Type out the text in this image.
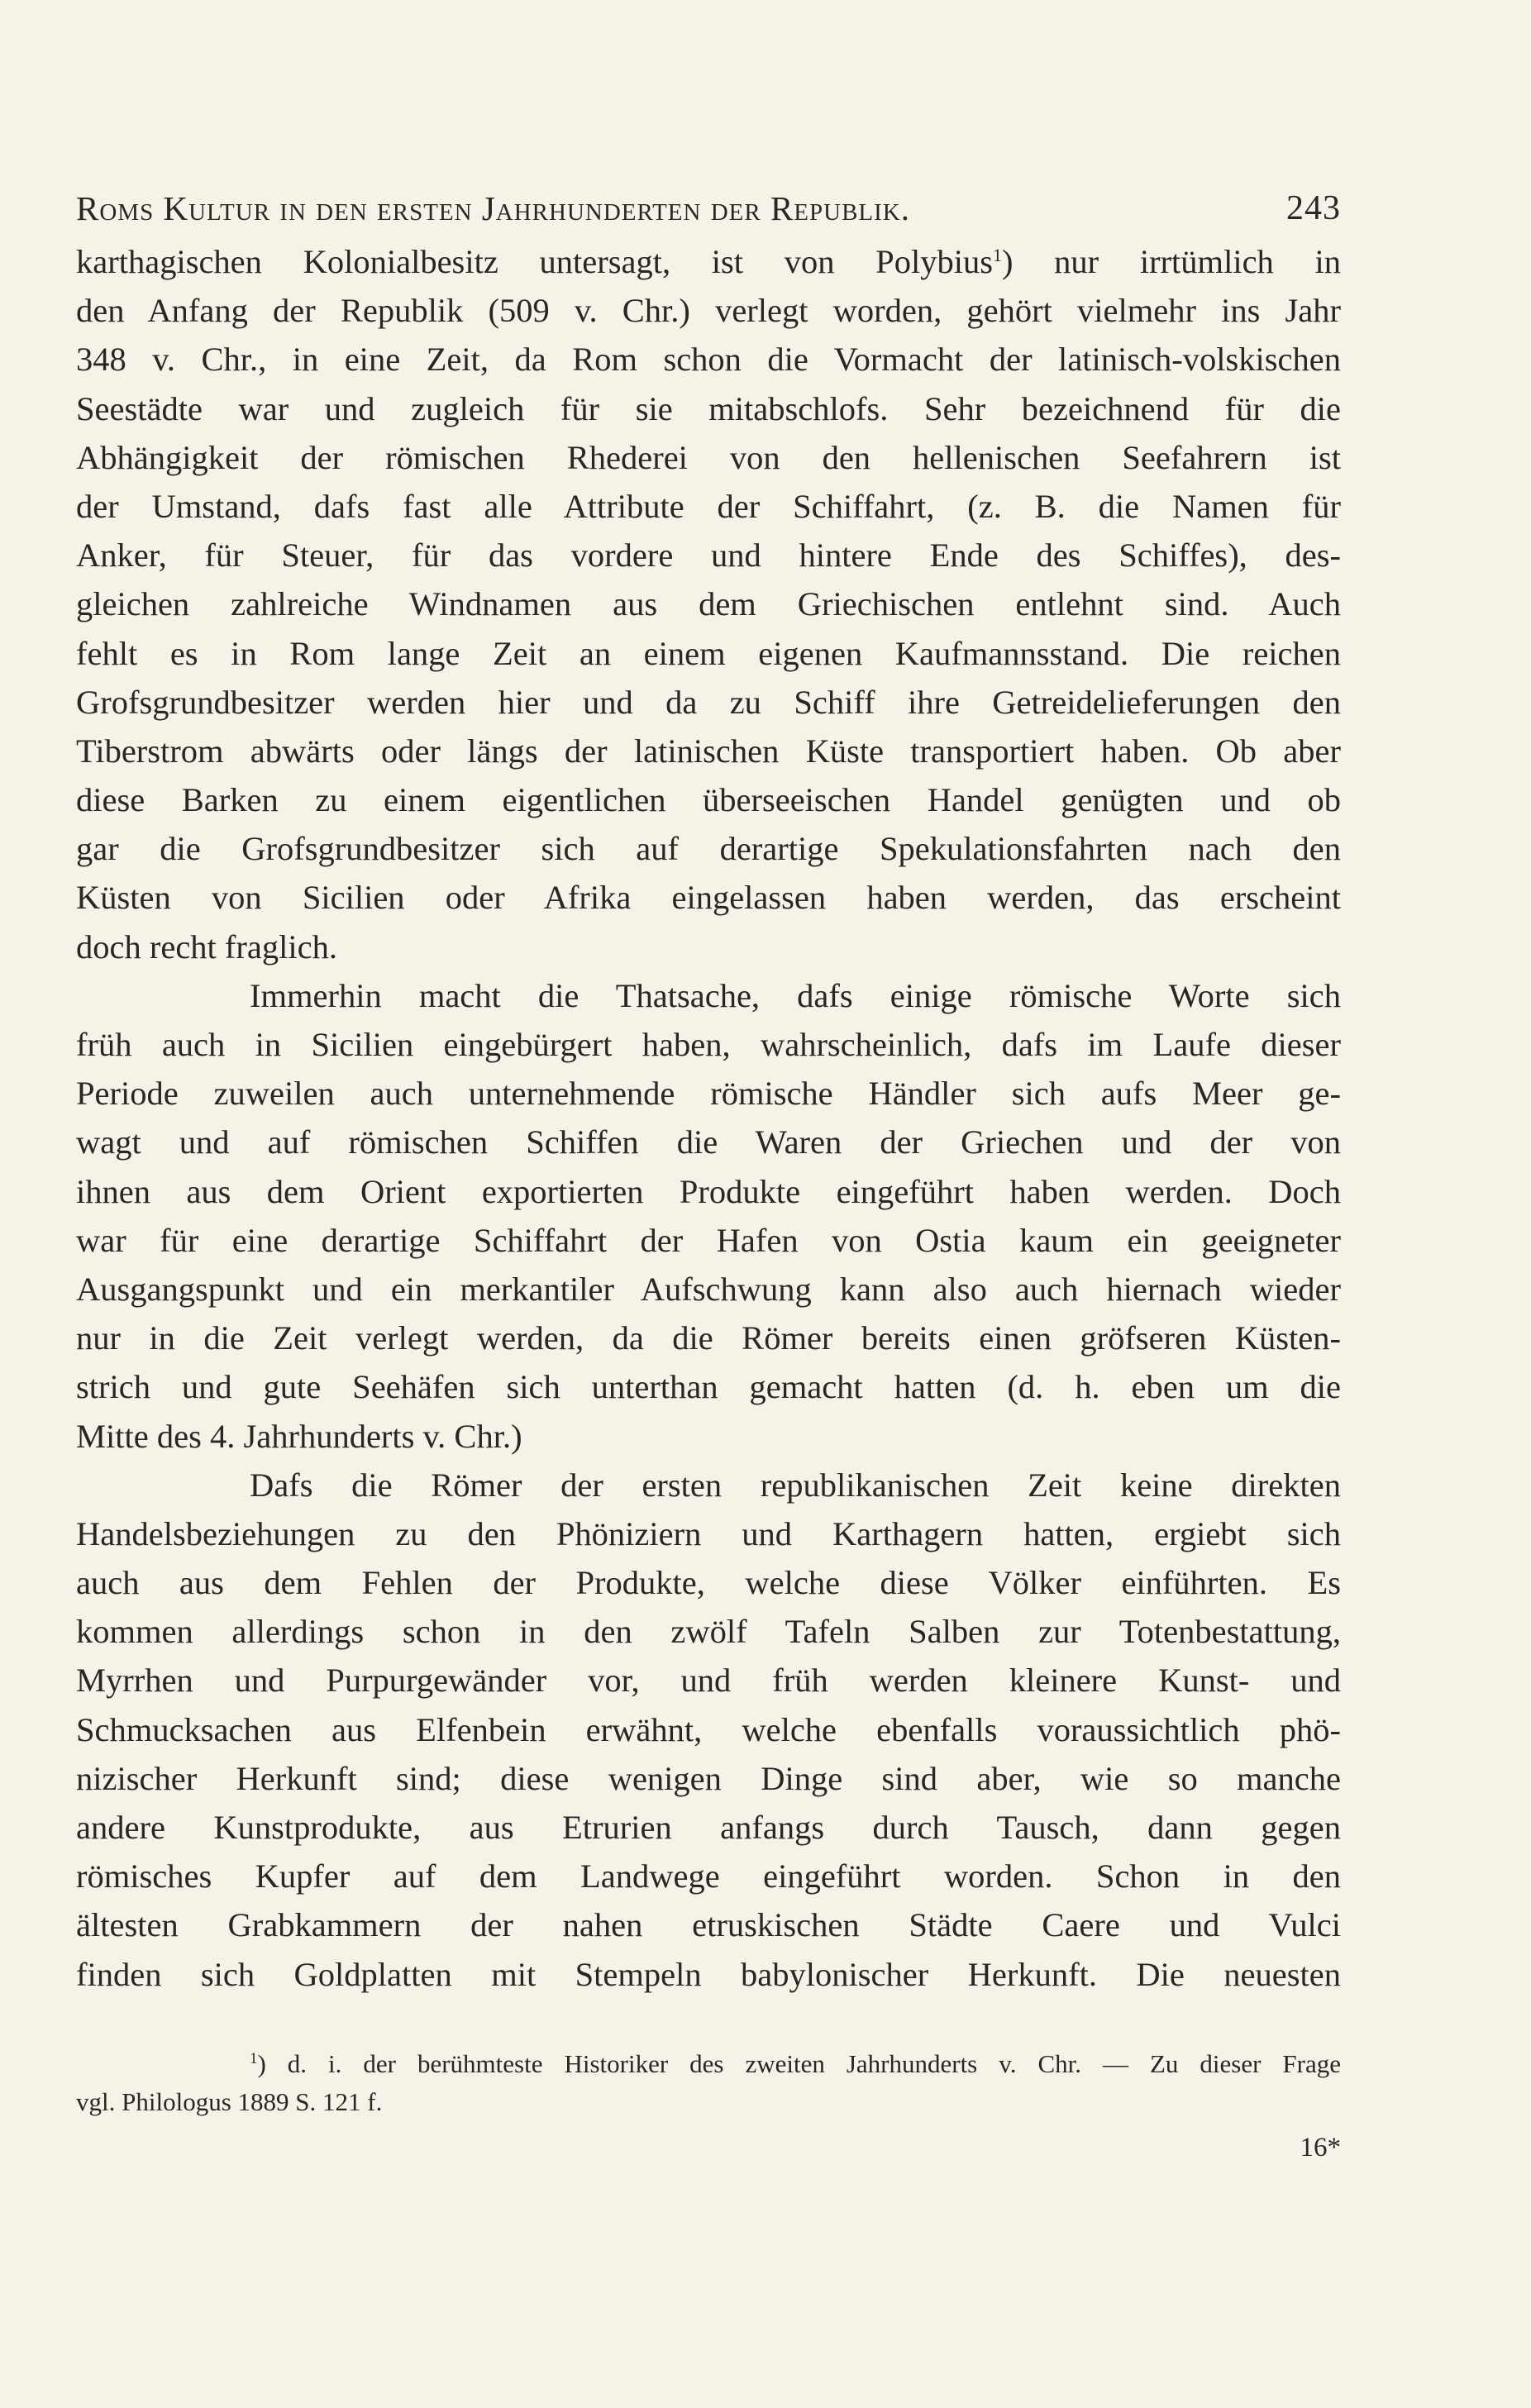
Roms Kultur in den ersten Jahrhunderten der Republik.	243
karthagischen Kolonialbesitz untersagt, ist von Polybius$^1$) nur irrtümlich in
den Anfang der Republik (509 v. Chr.) verlegt worden, gehört vielmehr ins Jahr
348 v. Chr., in eine Zeit, da Rom schon die Vormacht der latinisch-volskischen
Seestädte war und zugleich für sie mitabschlofs. Sehr bezeichnend für die
Abhängigkeit der römischen Rhederei von den hellenischen Seefahrern ist
der Umstand, dafs fast alle Attribute der Schiffahrt, (z. B. die Namen für
Anker, für Steuer, für das vordere und hintere Ende des Schiffes), des-
gleichen zahlreiche Windnamen aus dem Griechischen entlehnt sind. Auch
fehlt es in Rom lange Zeit an einem eigenen Kaufmannsstand. Die reichen
Grofsgrundbesitzer werden hier und da zu Schiff ihre Getreidelieferungen den
Tiberstrom abwärts oder längs der latinischen Küste transportiert haben. Ob aber
diese Barken zu einem eigentlichen überseeischen Handel genügten und ob
gar die Grofsgrundbesitzer sich auf derartige Spekulationsfahrten nach den
Küsten von Sicilien oder Afrika eingelassen haben werden, das erscheint
doch recht fraglich.
Immerhin macht die Thatsache, dafs einige römische Worte sich
früh auch in Sicilien eingebürgert haben, wahrscheinlich, dafs im Laufe dieser
Periode zuweilen auch unternehmende römische Händler sich aufs Meer ge-
wagt und auf römischen Schiffen die Waren der Griechen und der von
ihnen aus dem Orient exportierten Produkte eingeführt haben werden. Doch
war für eine derartige Schiffahrt der Hafen von Ostia kaum ein geeigneter
Ausgangspunkt und ein merkantiler Aufschwung kann also auch hiernach wieder
nur in die Zeit verlegt werden, da die Römer bereits einen gröfseren Küsten-
strich und gute Seehäfen sich unterthan gemacht hatten (d. h. eben um die
Mitte des 4. Jahrhunderts v. Chr.)
Dafs die Römer der ersten republikanischen Zeit keine direkten
Handelsbeziehungen zu den Phöniziern und Karthagern hatten, ergiebt sich
auch aus dem Fehlen der Produkte, welche diese Völker einführten. Es
kommen allerdings schon in den zwölf Tafeln Salben zur Totenbestattung,
Myrrhen und Purpurgewänder vor, und früh werden kleinere Kunst- und
Schmucksachen aus Elfenbein erwähnt, welche ebenfalls voraussichtlich phö-
nizischer Herkunft sind; diese wenigen Dinge sind aber, wie so manche
andere Kunstprodukte, aus Etrurien anfangs durch Tausch, dann gegen
römisches Kupfer auf dem Landwege eingeführt worden. Schon in den
ältesten Grabkammern der nahen etruskischen Städte Caere und Vulci
finden sich Goldplatten mit Stempeln babylonischer Herkunft. Die neuesten
$^1$) d. i. der berühmteste Historiker des zweiten Jahrhunderts v. Chr. — Zu dieser Frage
vgl. Philologus 1889 S. 121 f.
16*
